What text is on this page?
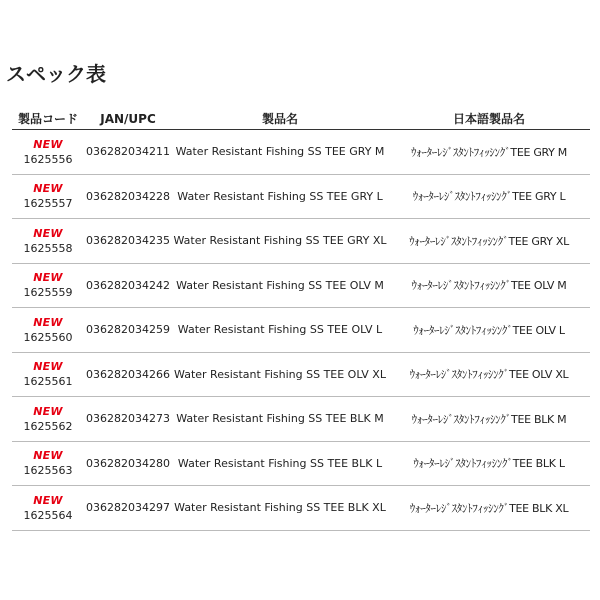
スペック表
製品コード	JAN/UPC	製品名	日本語製品名

NEW
1625556	036282034211	Water Resistant Fishing SS TEE GRY M	ｳｫｰﾀｰﾚｼﾞｽﾀﾝﾄﾌｨｯｼﾝｸﾞTEE GRY M

NEW
1625557	036282034228	Water Resistant Fishing SS TEE GRY L	ｳｫｰﾀｰﾚｼﾞｽﾀﾝﾄﾌｨｯｼﾝｸﾞTEE GRY L

NEW
1625558	036282034235	Water Resistant Fishing SS TEE GRY XL	ｳｫｰﾀｰﾚｼﾞｽﾀﾝﾄﾌｨｯｼﾝｸﾞTEE GRY XL

NEW
1625559	036282034242	Water Resistant Fishing SS TEE OLV M	ｳｫｰﾀｰﾚｼﾞｽﾀﾝﾄﾌｨｯｼﾝｸﾞTEE OLV M

NEW
1625560	036282034259	Water Resistant Fishing SS TEE OLV L	ｳｫｰﾀｰﾚｼﾞｽﾀﾝﾄﾌｨｯｼﾝｸﾞTEE OLV L

NEW
1625561	036282034266	Water Resistant Fishing SS TEE OLV XL	ｳｫｰﾀｰﾚｼﾞｽﾀﾝﾄﾌｨｯｼﾝｸﾞTEE OLV XL

NEW
1625562	036282034273	Water Resistant Fishing SS TEE BLK M	ｳｫｰﾀｰﾚｼﾞｽﾀﾝﾄﾌｨｯｼﾝｸﾞTEE BLK M

NEW
1625563	036282034280	Water Resistant Fishing SS TEE BLK L	ｳｫｰﾀｰﾚｼﾞｽﾀﾝﾄﾌｨｯｼﾝｸﾞTEE BLK L

NEW
1625564	036282034297	Water Resistant Fishing SS TEE BLK XL	ｳｫｰﾀｰﾚｼﾞｽﾀﾝﾄﾌｨｯｼﾝｸﾞTEE BLK XL
